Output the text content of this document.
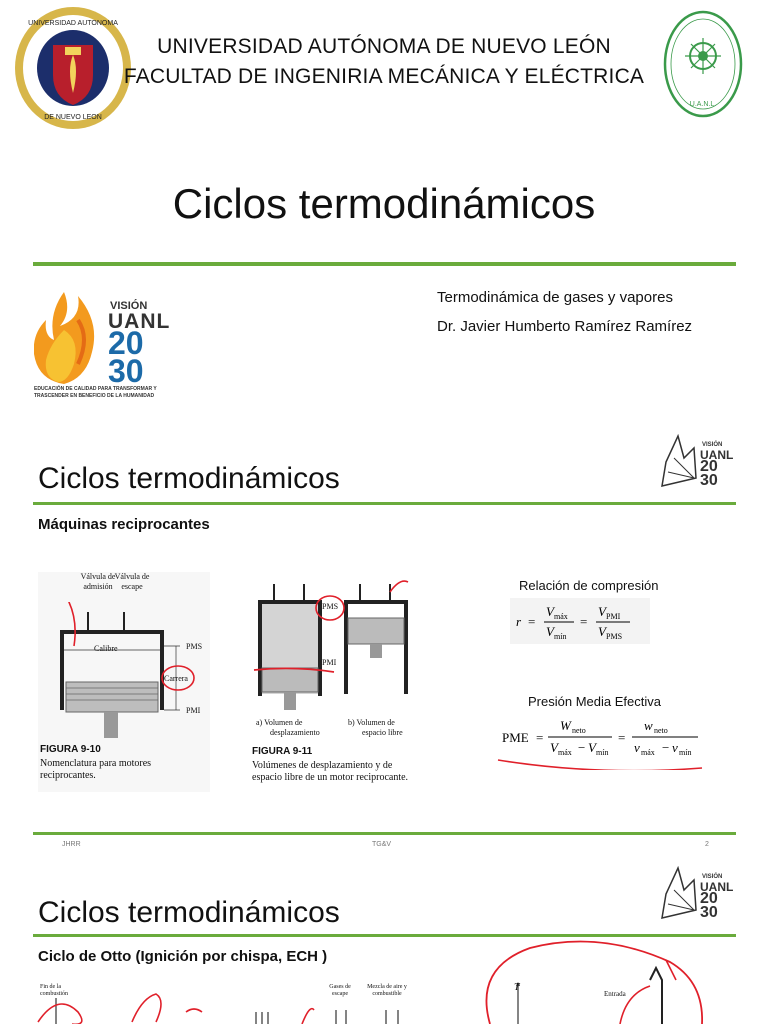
UNIVERSIDAD AUTONOMA
DE NUEVO LEON
UNIVERSIDAD AUTÓNOMA DE NUEVO LEÓN
FACULTAD DE INGENIRIA MECÁNICA Y ELÉCTRICA
U.A.N.L.
Ciclos termodinámicos
VISIÓN
UANL
20
30
EDUCACIÓN DE CALIDAD PARA TRANSFORMAR Y
TRASCENDER EN BENEFICIO DE LA HUMANIDAD
Termodinámica de gases y vapores
Dr. Javier Humberto Ramírez Ramírez
Ciclos termodinámicos
VISIÓN
UANL
20
30
Máquinas reciprocantes
Válvula de admisión
Válvula de escape
PMS
PMI
Calibre
Carrera
FIGURA 9-10
Nomenclatura para motores
reciprocantes.
PMS
PMI
a) Volumen de
desplazamiento
b) Volumen de
espacio libre
FIGURA 9-11
Volúmenes de desplazamiento y de
espacio libre de un motor reciprocante.
Relación de compresión
r =
V máx
V mín
=
V PMI
V PMS
Presión Media Efectiva
PME =
W neto
V máx − V mín
=
w neto
v máx − v mín
JHRR	TG&V	2
Ciclos termodinámicos
VISIÓN
UANL
20
30
Ciclo de Otto (Ignición por chispa, ECH )
Fin de la combustión
Gases de escape
Mezcla de aire y combustible
T
Entrada
